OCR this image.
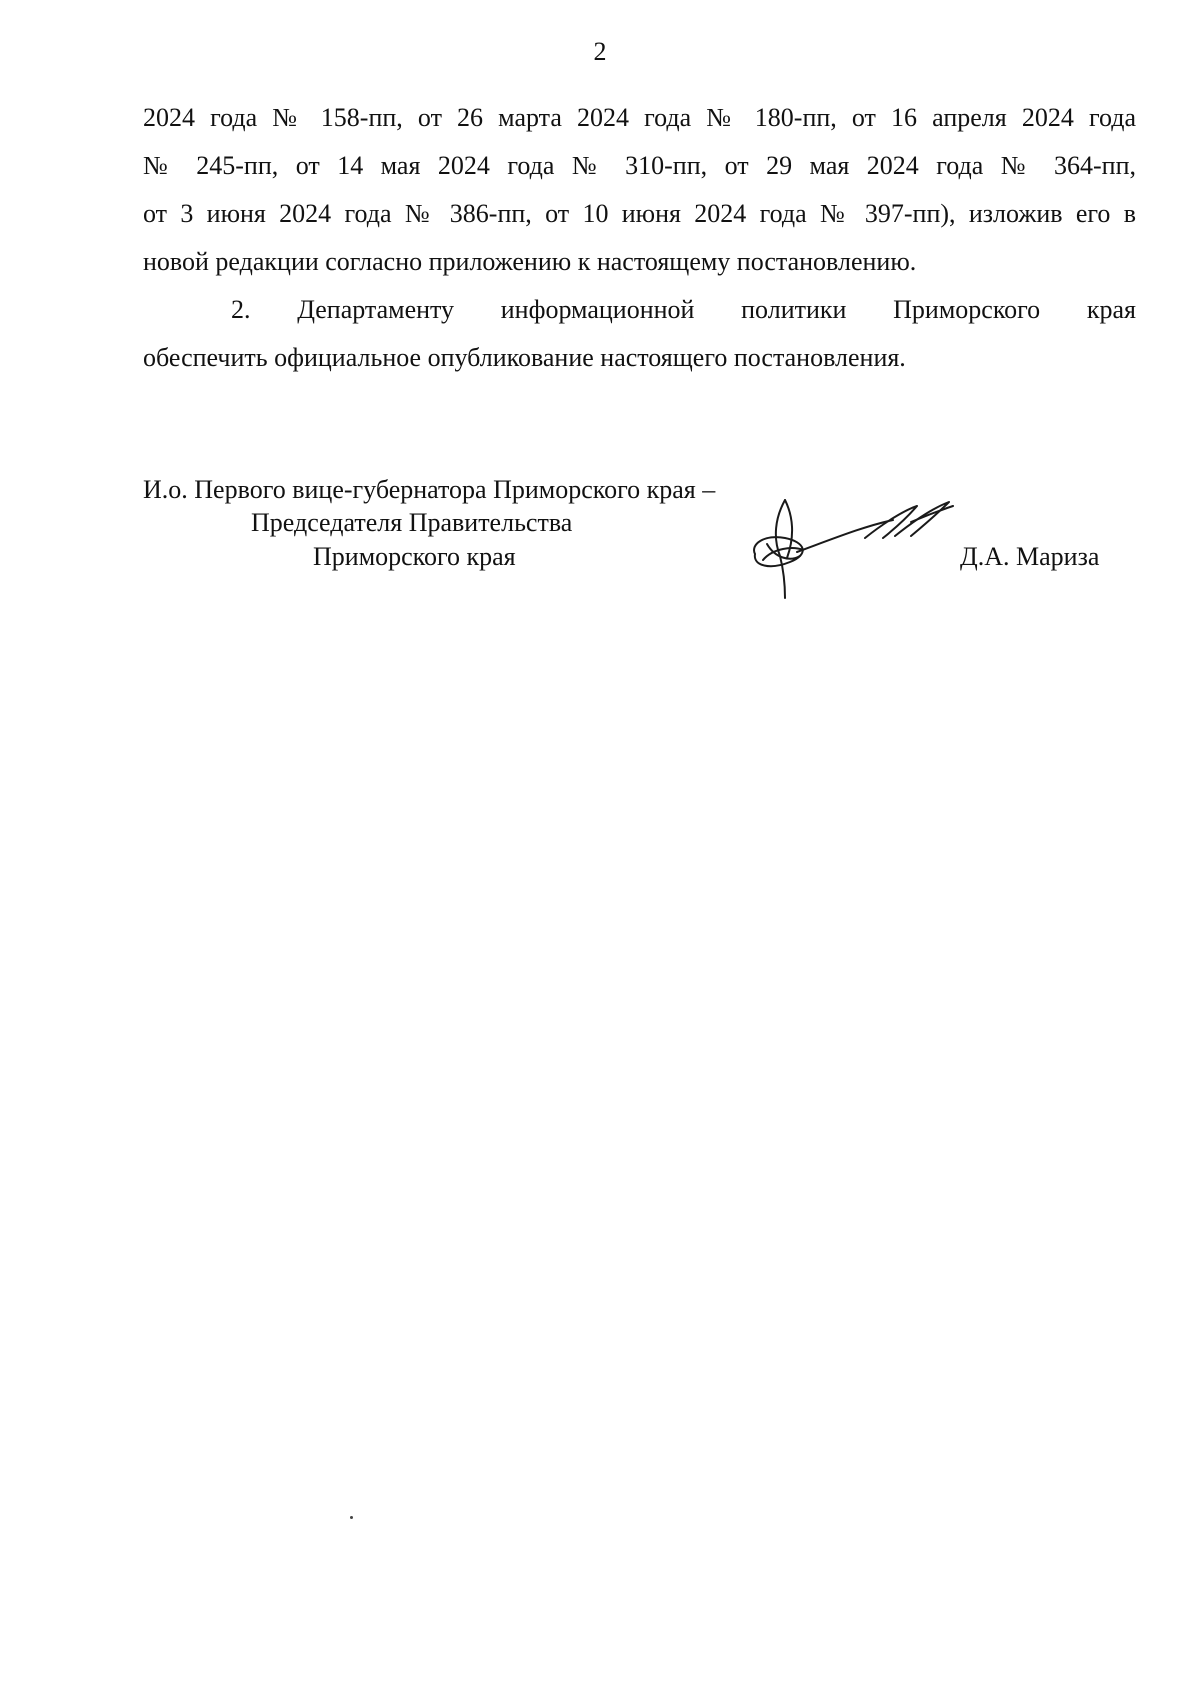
2
2024 года № 158-пп, от 26 марта 2024 года № 180-пп, от 16 апреля 2024 года
№ 245-пп, от 14 мая 2024 года № 310-пп, от 29 мая 2024 года № 364-пп,
от 3 июня 2024 года № 386-пп, от 10 июня 2024 года № 397-пп), изложив его в
новой редакции согласно приложению к настоящему постановлению.
2. Департаменту информационной политики Приморского края
обеспечить официальное опубликование настоящего постановления.
И.о. Первого вице-губернатора Приморского края –
Председателя Правительства
Приморского края	Д.А. Мариза
